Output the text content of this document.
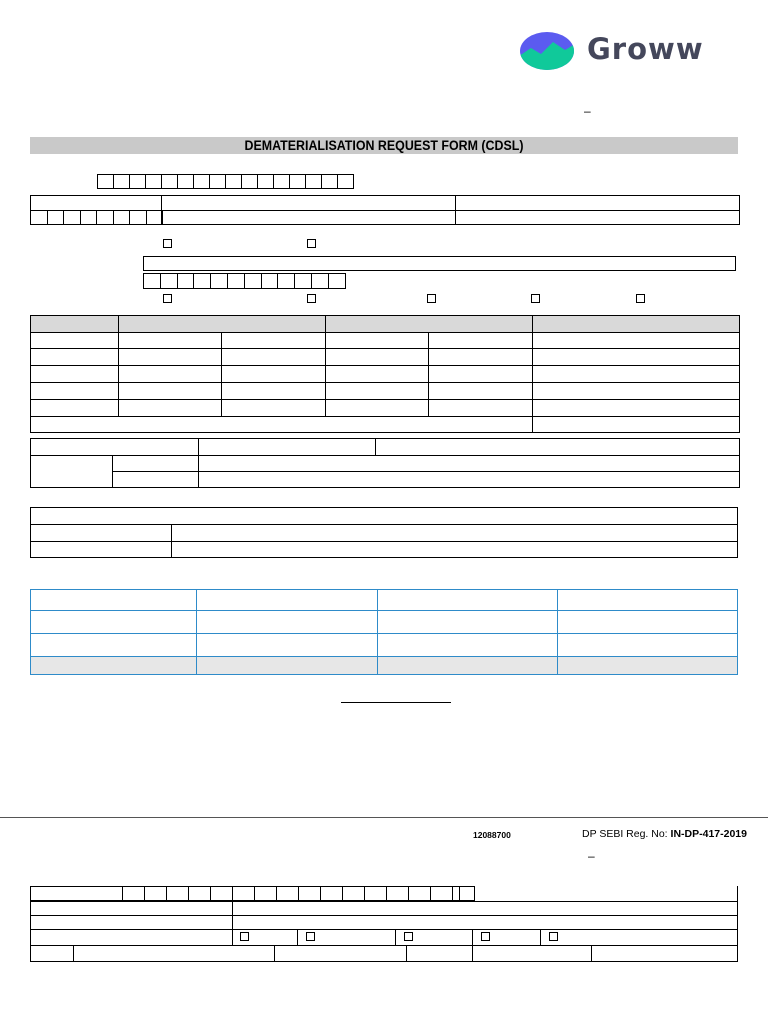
Groww
–
DEMATERIALISATION REQUEST FORM (CDSL)
12088700	DP SEBI Reg. No: IN-DP-417-2019
–
